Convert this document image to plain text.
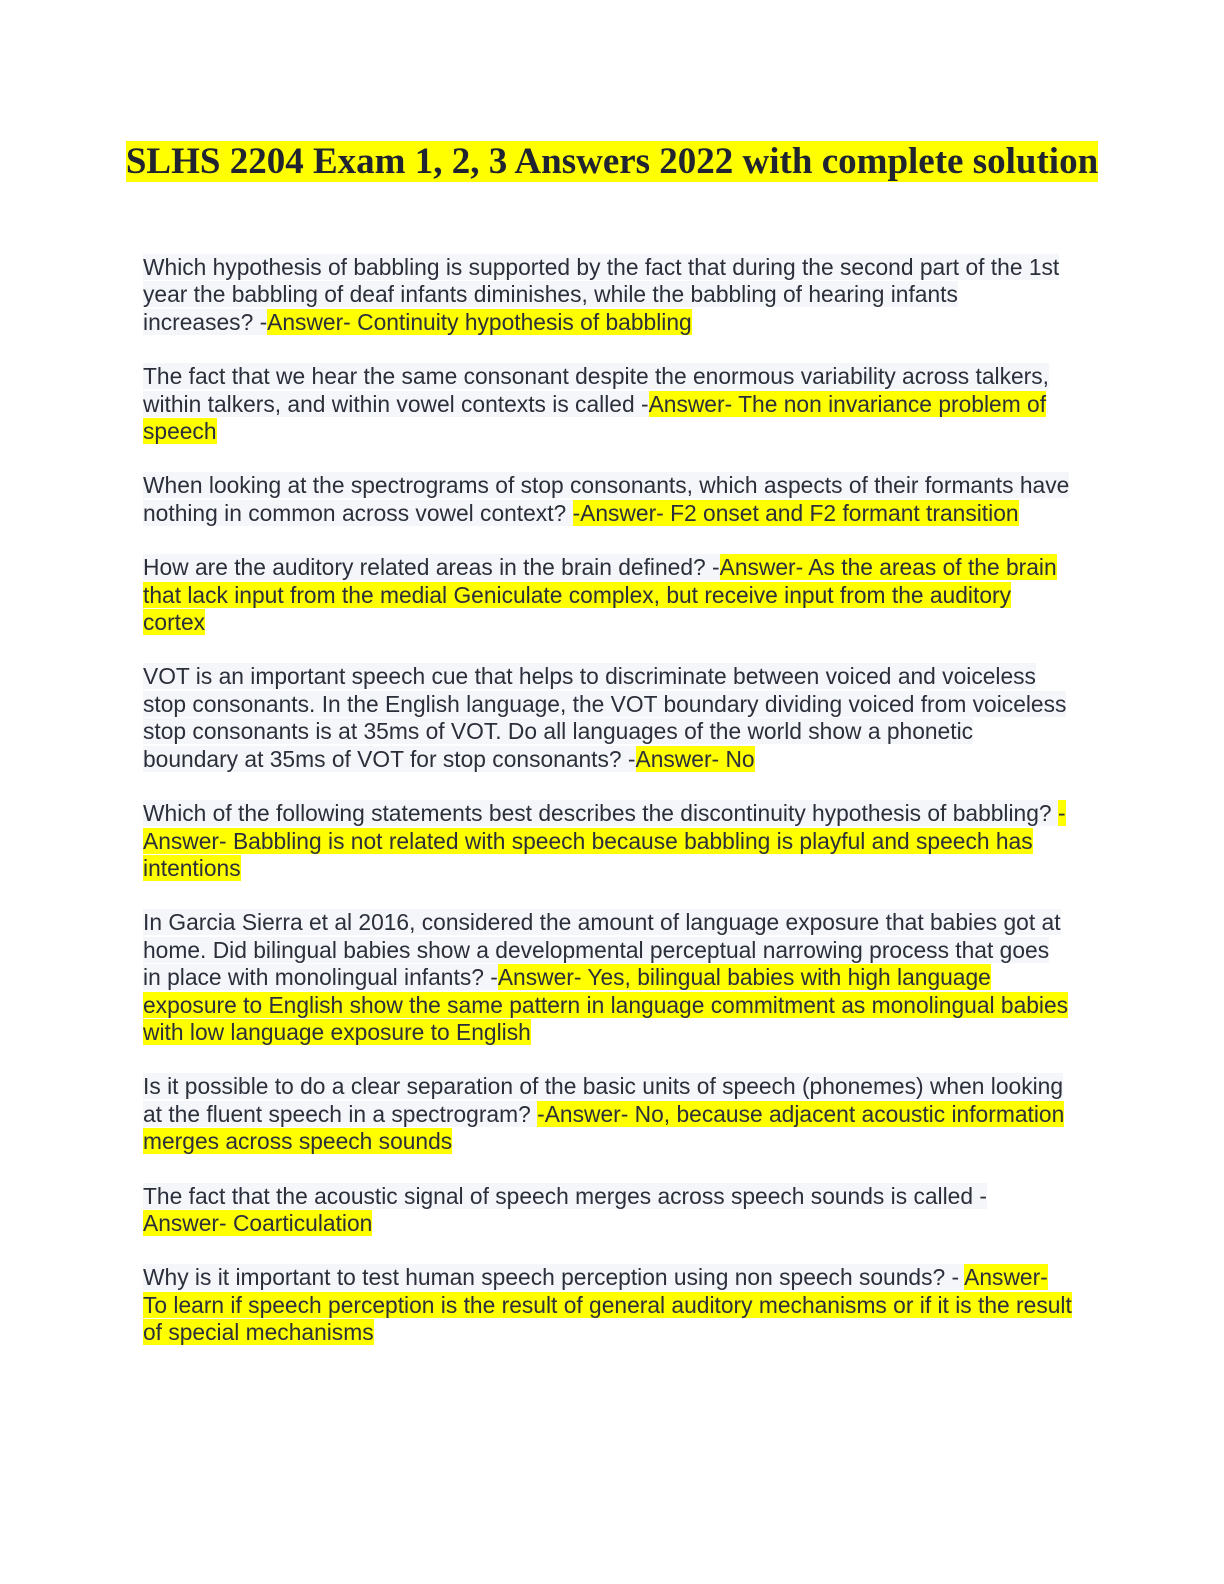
SLHS 2204 Exam 1, 2, 3 Answers 2022 with complete solution

Which hypothesis of babbling is supported by the fact that during the second part of the 1st year the babbling of deaf infants diminishes, while the babbling of hearing infants increases? -Answer- Continuity hypothesis of babbling

The fact that we hear the same consonant despite the enormous variability across talkers, within talkers, and within vowel contexts is called -Answer- The non invariance problem of speech

When looking at the spectrograms of stop consonants, which aspects of their formants have nothing in common across vowel context? -Answer- F2 onset and F2 formant transition

How are the auditory related areas in the brain defined? -Answer- As the areas of the brain that lack input from the medial Geniculate complex, but receive input from the auditory cortex

VOT is an important speech cue that helps to discriminate between voiced and voiceless stop consonants. In the English language, the VOT boundary dividing voiced from voiceless stop consonants is at 35ms of VOT. Do all languages of the world show a phonetic boundary at 35ms of VOT for stop consonants? -Answer- No

Which of the following statements best describes the discontinuity hypothesis of babbling? -Answer- Babbling is not related with speech because babbling is playful and speech has intentions

In Garcia Sierra et al 2016, considered the amount of language exposure that babies got at home. Did bilingual babies show a developmental perceptual narrowing process that goes in place with monolingual infants? -Answer- Yes, bilingual babies with high language exposure to English show the same pattern in language commitment as monolingual babies with low language exposure to English

Is it possible to do a clear separation of the basic units of speech (phonemes) when looking at the fluent speech in a spectrogram? -Answer- No, because adjacent acoustic information merges across speech sounds

The fact that the acoustic signal of speech merges across speech sounds is called - Answer- Coarticulation

Why is it important to test human speech perception using non speech sounds? - Answer- To learn if speech perception is the result of general auditory mechanisms or if it is the result of special mechanisms
